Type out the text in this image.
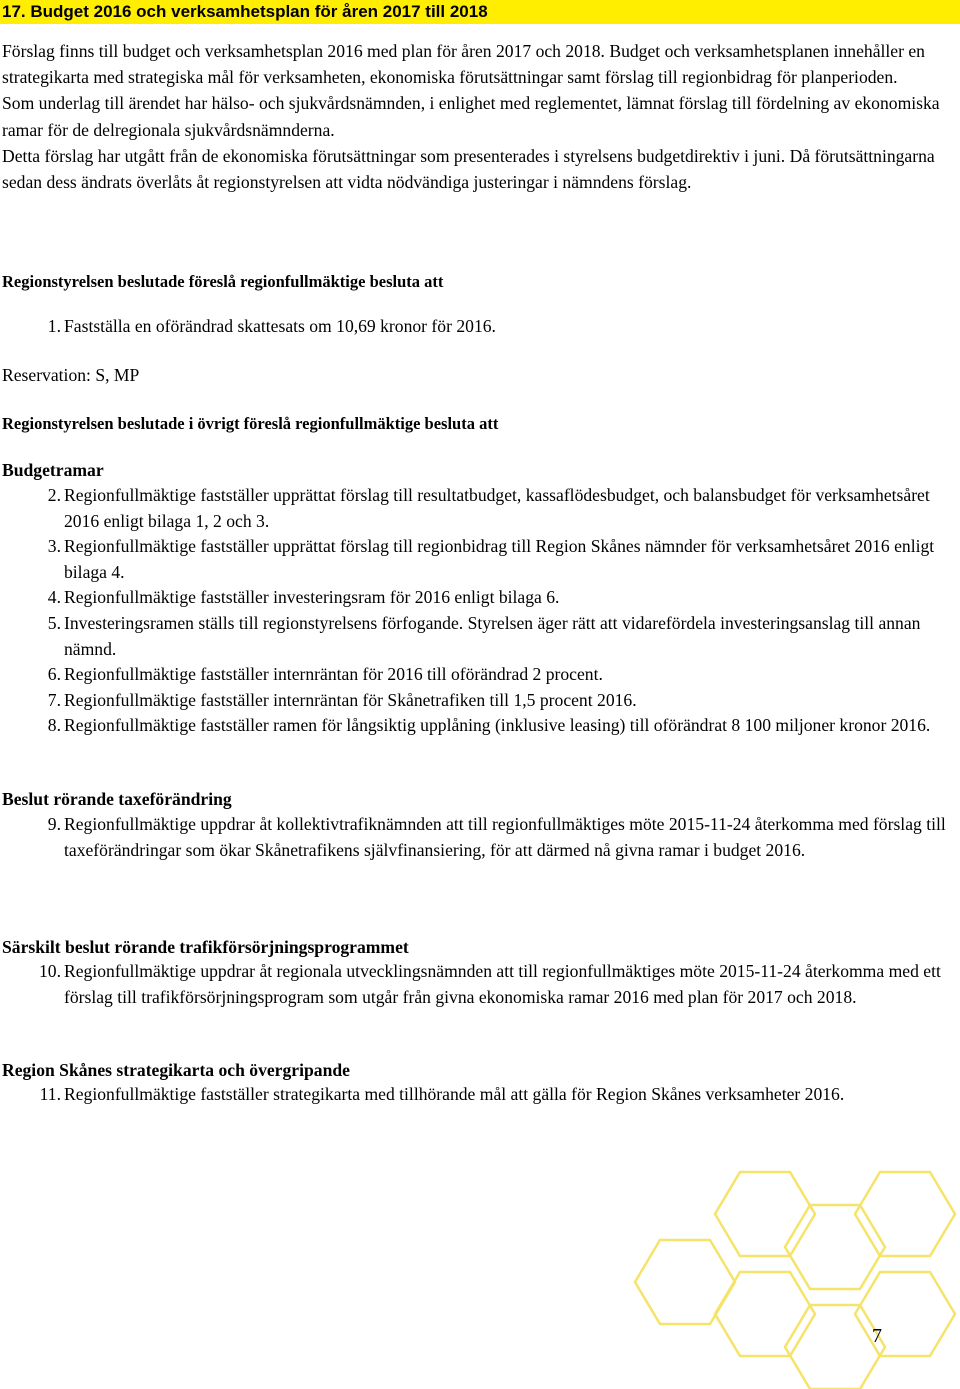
17. Budget 2016 och verksamhetsplan för åren 2017 till 2018

Förslag finns till budget och verksamhetsplan 2016 med plan för åren 2017 och 2018. Budget och verksamhetsplanen innehåller en strategikarta med strategiska mål för verksamheten, ekonomiska förutsättningar samt förslag till regionbidrag för planperioden.

Som underlag till ärendet har hälso- och sjukvårdsnämnden, i enlighet med reglementet, lämnat förslag till fördelning av ekonomiska ramar för de delregionala sjukvårdsnämnderna.

Detta förslag har utgått från de ekonomiska förutsättningar som presenterades i styrelsens budgetdirektiv i juni. Då förutsättningarna sedan dess ändrats överlåts åt regionstyrelsen att vidta nödvändiga justeringar i nämndens förslag.

Regionstyrelsen beslutade föreslå regionfullmäktige besluta att
1. Fastställa en oförändrad skattesats om 10,69 kronor för 2016.
Reservation: S, MP
Regionstyrelsen beslutade i övrigt föreslå regionfullmäktige besluta att
Budgetramar
2. Regionfullmäktige fastställer upprättat förslag till resultatbudget, kassaflödesbudget, och balansbudget för verksamhetsåret 2016 enligt bilaga 1, 2 och 3.
3. Regionfullmäktige fastställer upprättat förslag till regionbidrag till Region Skånes nämnder för verksamhetsåret 2016 enligt bilaga 4.
4. Regionfullmäktige fastställer investeringsram för 2016 enligt bilaga 6.
5. Investeringsramen ställs till regionstyrelsens förfogande. Styrelsen äger rätt att vidarefördela investeringsanslag till annan nämnd.
6. Regionfullmäktige fastställer internräntan för 2016 till oförändrad 2 procent.
7. Regionfullmäktige fastställer internräntan för Skånetrafiken till 1,5 procent 2016.
8. Regionfullmäktige fastställer ramen för långsiktig upplåning (inklusive leasing) till oförändrat 8 100 miljoner kronor 2016.
Beslut rörande taxeförändring
9. Regionfullmäktige uppdrar åt kollektivtrafiknämnden att till regionfullmäktiges möte 2015-11-24 återkomma med förslag till taxeförändringar som ökar Skånetrafikens självfinansiering, för att därmed nå givna ramar i budget 2016.
Särskilt beslut rörande trafikförsörjningsprogrammet
10. Regionfullmäktige uppdrar åt regionala utvecklingsnämnden att till regionfullmäktiges möte 2015-11-24 återkomma med ett förslag till trafikförsörjningsprogram som utgår från givna ekonomiska ramar 2016 med plan för 2017 och 2018.
Region Skånes strategikarta och övergripande
11. Regionfullmäktige fastställer strategikarta med tillhörande mål att gälla för Region Skånes verksamheter 2016.
7
